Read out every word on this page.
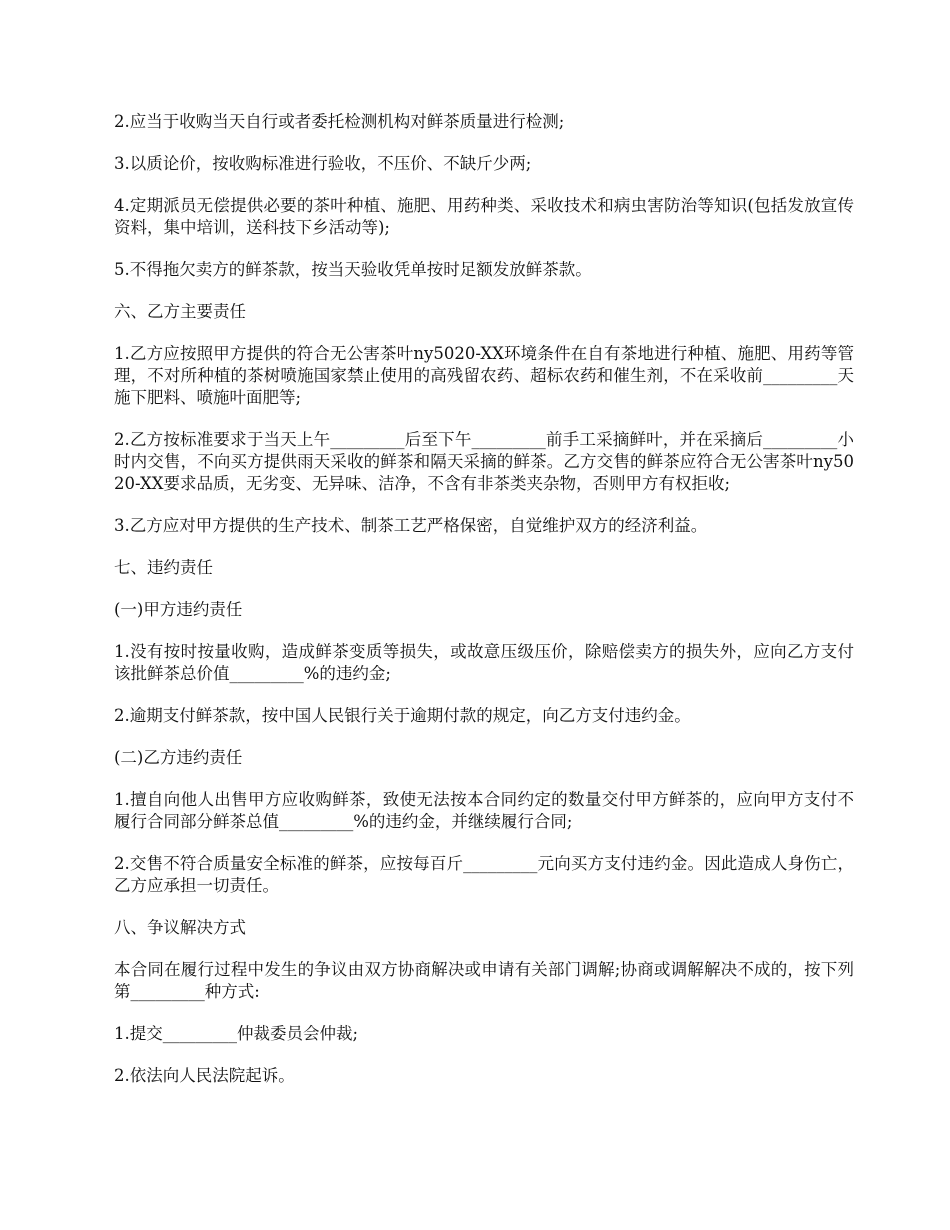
2.应当于收购当天自行或者委托检测机构对鲜茶质量进行检测;

3.以质论价，按收购标准进行验收，不压价、不缺斤少两;

4.定期派员无偿提供必要的茶叶种植、施肥、用药种类、采收技术和病虫害防治等知识(包括发放宣传资料，集中培训，送科技下乡活动等);

5.不得拖欠卖方的鲜茶款，按当天验收凭单按时足额发放鲜茶款。

六、乙方主要责任

1.乙方应按照甲方提供的符合无公害茶叶ny5020-XX环境条件在自有茶地进行种植、施肥、用药等管理，不对所种植的茶树喷施国家禁止使用的高残留农药、超标农药和催生剂，不在采收前_________天施下肥料、喷施叶面肥等;

2.乙方按标准要求于当天上午_________后至下午_________前手工采摘鲜叶，并在采摘后_________小时内交售，不向买方提供雨天采收的鲜茶和隔天采摘的鲜茶。乙方交售的鲜茶应符合无公害茶叶ny5020-XX要求品质，无劣变、无异味、洁净，不含有非茶类夹杂物，否则甲方有权拒收;

3.乙方应对甲方提供的生产技术、制茶工艺严格保密，自觉维护双方的经济利益。

七、违约责任

(一)甲方违约责任

1.没有按时按量收购，造成鲜茶变质等损失，或故意压级压价，除赔偿卖方的损失外，应向乙方支付该批鲜茶总价值_________%的违约金;

2.逾期支付鲜茶款，按中国人民银行关于逾期付款的规定，向乙方支付违约金。

(二)乙方违约责任

1.擅自向他人出售甲方应收购鲜茶，致使无法按本合同约定的数量交付甲方鲜茶的，应向甲方支付不履行合同部分鲜茶总值_________%的违约金，并继续履行合同;

2.交售不符合质量安全标准的鲜茶，应按每百斤_________元向买方支付违约金。因此造成人身伤亡，乙方应承担一切责任。

八、争议解决方式

本合同在履行过程中发生的争议由双方协商解决或申请有关部门调解;协商或调解解决不成的，按下列第_________种方式:

1.提交_________仲裁委员会仲裁;

2.依法向人民法院起诉。
